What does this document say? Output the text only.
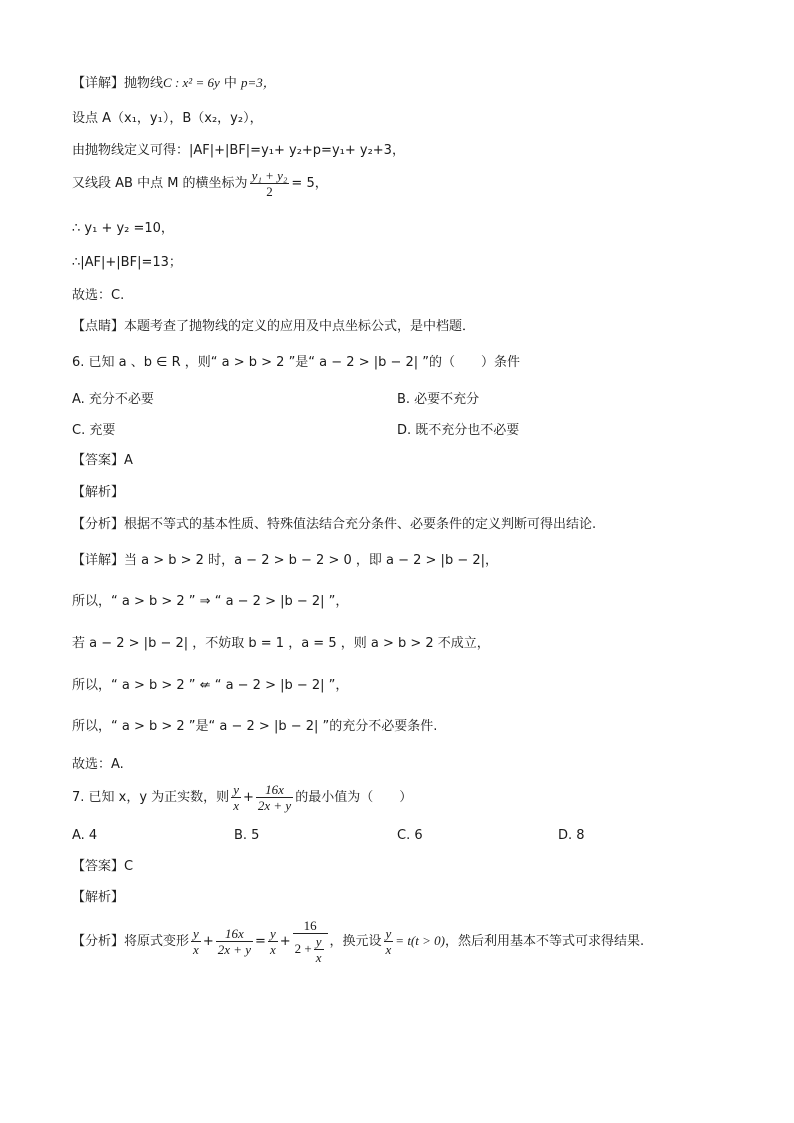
【详解】抛物线C : x² = 6y 中 p=3，
设点 A（x₁，y₁），B（x₂，y₂），
由抛物线定义可得：|AF|+|BF|=y₁+ y₂+p=y₁+ y₂+3，
又线段 AB 中点 M 的横坐标为 $\frac{\text{y₁ + y₂}}{2} = 5$，
∴ y₁ + y₂ =10，
∴|AF|+|BF|=13；
故选：C.
【点睛】本题考查了抛物线的定义的应用及中点坐标公式，是中档题．
6. 已知 a 、b ∈ R ，则“ a > b > 2 ”是“ a − 2 > |b − 2| ”的（　　）条件
A. 充分不必要	B. 必要不充分
C. 充要	D. 既不充分也不必要
【答案】A
【解析】
【分析】根据不等式的基本性质、特殊值法结合充分条件、必要条件的定义判断可得出结论.
【详解】当 a > b > 2 时，a − 2 > b − 2 > 0 ，即 a − 2 > |b − 2|，
所以，“ a > b > 2 ” ⇒ “ a − 2 > |b − 2| ”，
若 a − 2 > |b − 2| ，不妨取 b = 1 ，a = 5 ，则 a > b > 2 不成立，
所以，“ a > b > 2 ” ⇍ “ a − 2 > |b − 2| ”，
所以，“ a > b > 2 ”是“ a − 2 > |b − 2| ”的充分不必要条件.
故选：A.
7. 已知 x，y 为正实数，则 $\frac{y}{x} + \frac{16x}{2x + y}$ 的最小值为（　　）
A. 4	B. 5	C. 6	D. 8
【答案】C
【解析】
【分析】将原式变形 $\frac{y}{x} + \frac{16x}{2x + y} = \frac{y}{x} + \frac{16}{2 + \frac{y}{x}}$ ，换元设 $\frac{y}{x} = t(t > 0)$，然后利用基本不等式可求得结果.
